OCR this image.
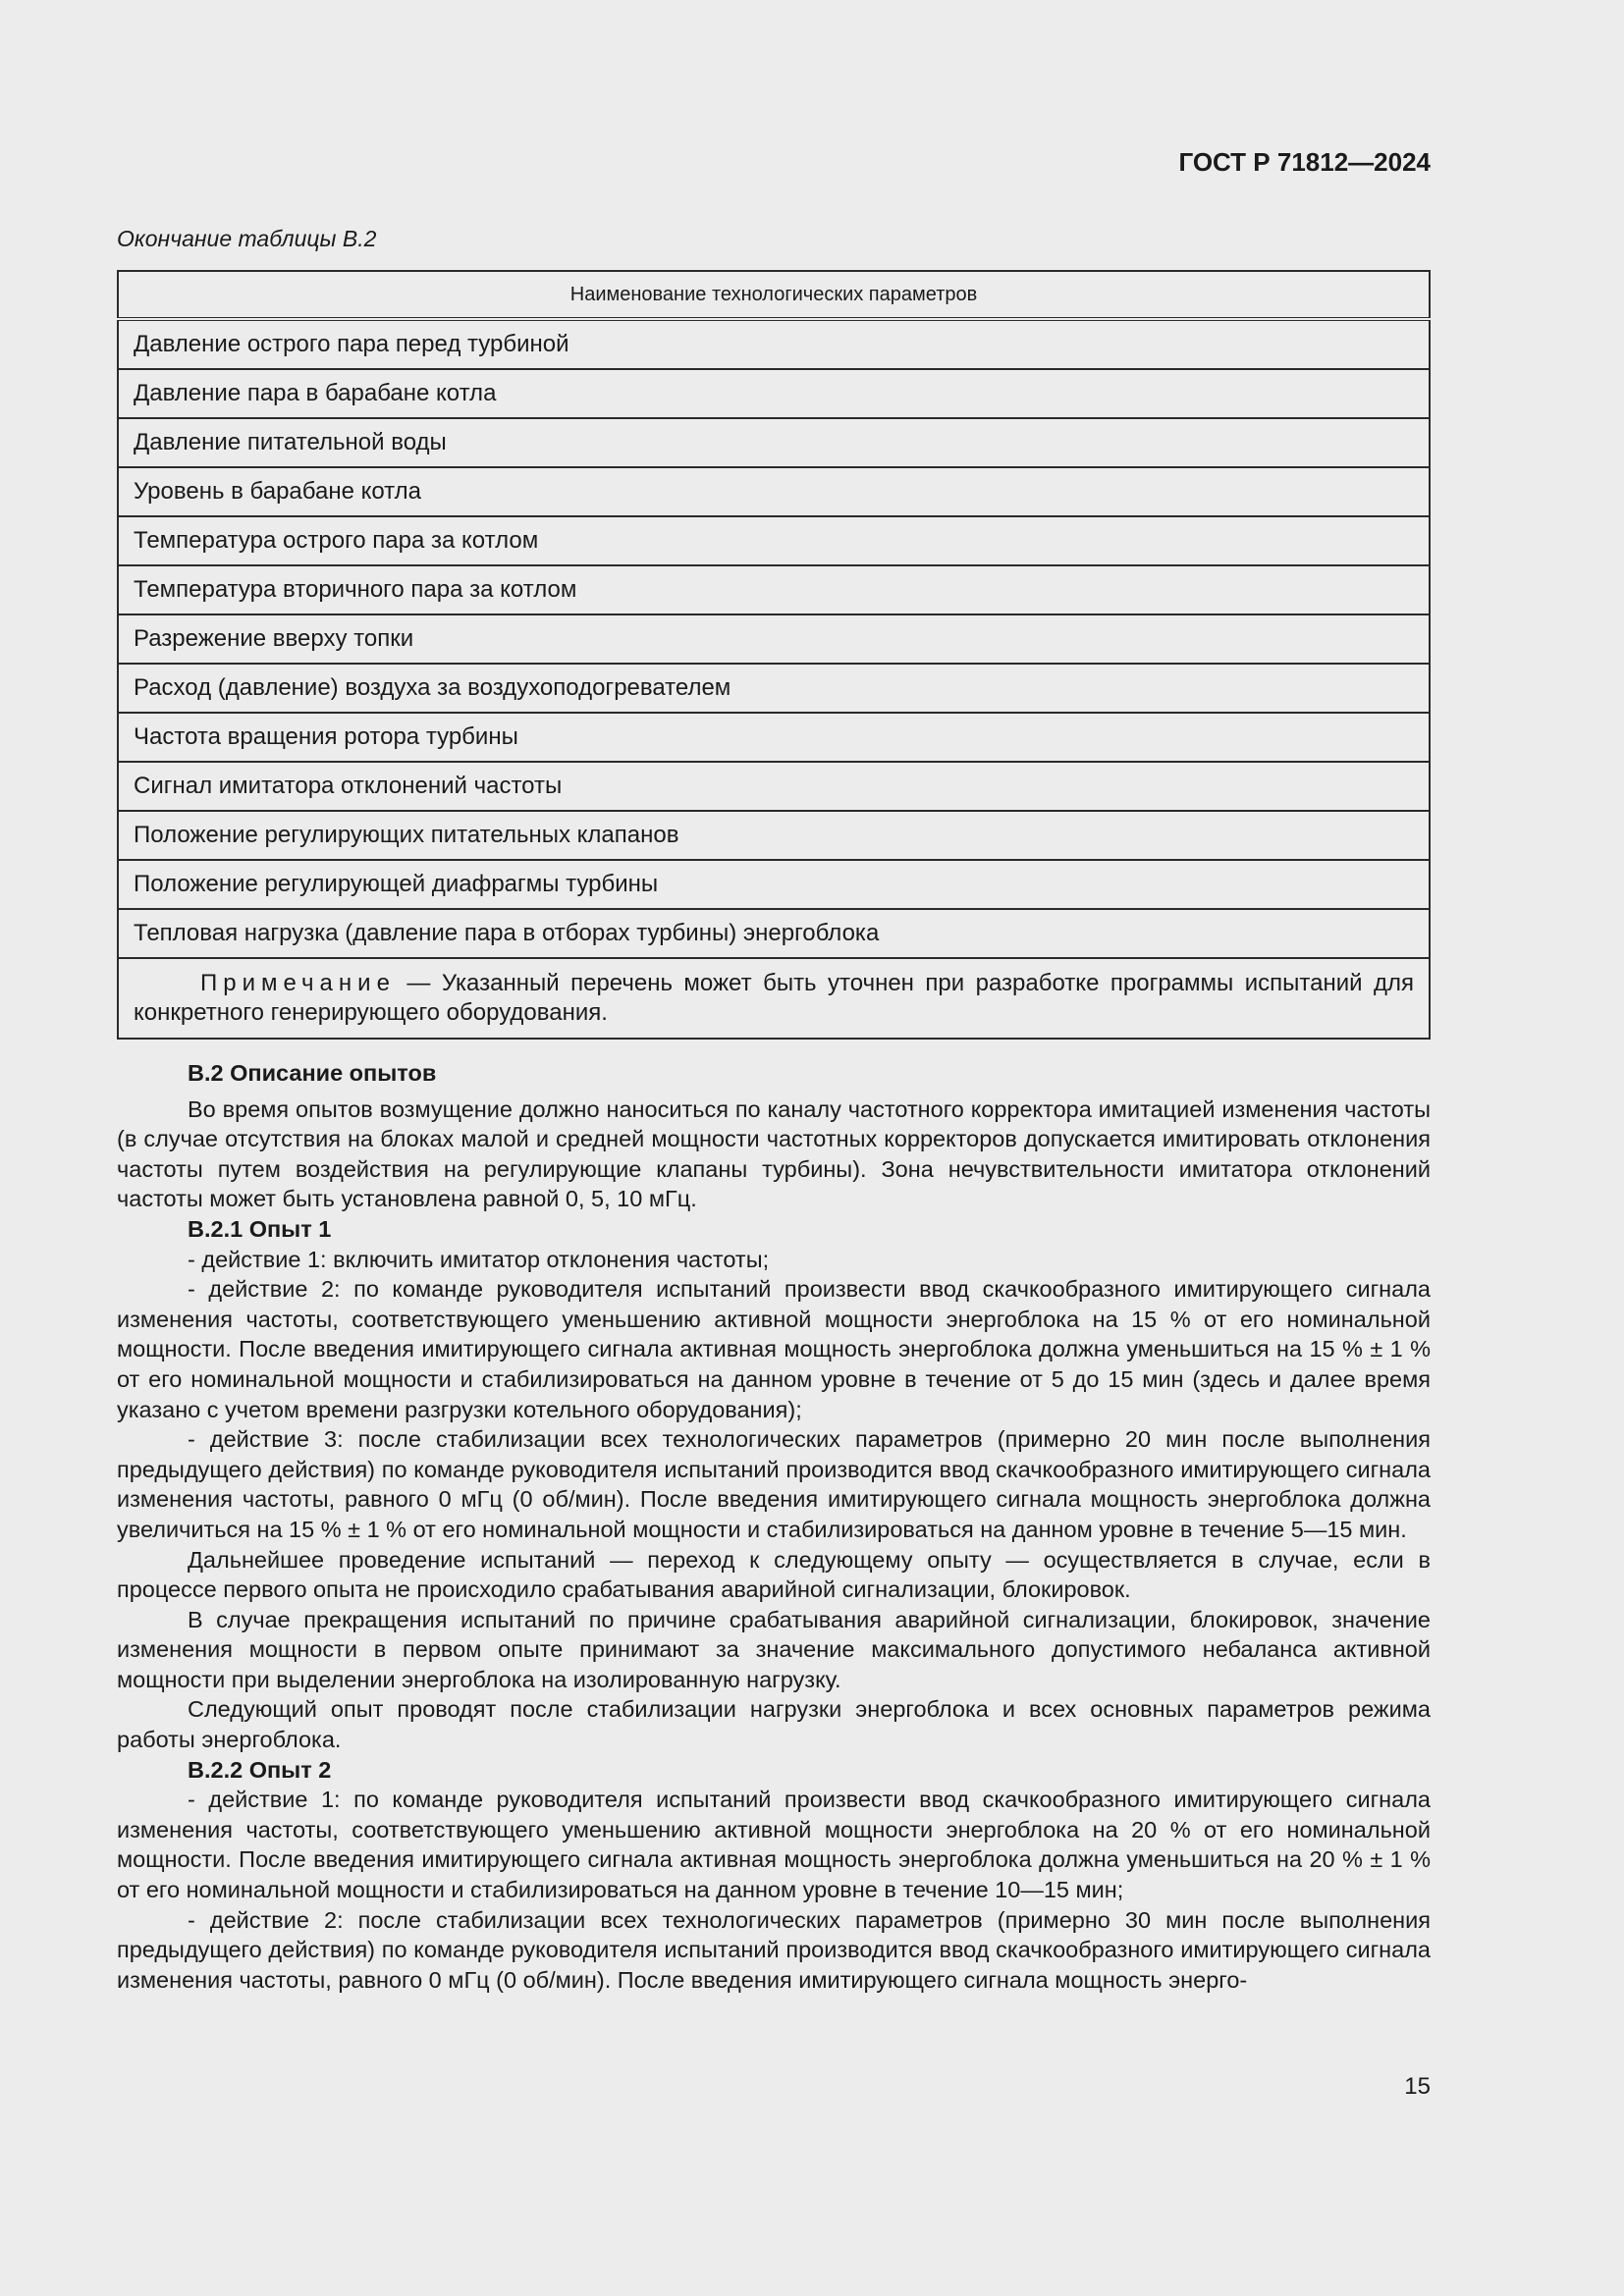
ГОСТ Р 71812—2024
Окончание таблицы В.2
Наименование технологических параметров
Давление острого пара перед турбиной
Давление пара в барабане котла
Давление питательной воды
Уровень в барабане котла
Температура острого пара за котлом
Температура вторичного пара за котлом
Разрежение вверху топки
Расход (давление) воздуха за воздухоподогревателем
Частота вращения ротора турбины
Сигнал имитатора отклонений частоты
Положение регулирующих питательных клапанов
Положение регулирующей диафрагмы турбины
Тепловая нагрузка (давление пара в отборах турбины) энергоблока
Примечание — Указанный перечень может быть уточнен при разработке программы испытаний для конкретного генерирующего оборудования.

В.2 Описание опытов

Во время опытов возмущение должно наноситься по каналу частотного корректора имитацией изменения частоты (в случае отсутствия на блоках малой и средней мощности частотных корректоров допускается имитировать отклонения частоты путем воздействия на регулирующие клапаны турбины). Зона нечувствительности имитатора отклонений частоты может быть установлена равной 0, 5, 10 мГц.

В.2.1 Опыт 1

- действие 1: включить имитатор отклонения частоты;

- действие 2: по команде руководителя испытаний произвести ввод скачкообразного имитирующего сигнала изменения частоты, соответствующего уменьшению активной мощности энергоблока на 15 % от его номинальной мощности. После введения имитирующего сигнала активная мощность энергоблока должна уменьшиться на 15 % ± 1 % от его номинальной мощности и стабилизироваться на данном уровне в течение от 5 до 15 мин (здесь и далее время указано с учетом времени разгрузки котельного оборудования);

- действие 3: после стабилизации всех технологических параметров (примерно 20 мин после выполнения предыдущего действия) по команде руководителя испытаний производится ввод скачкообразного имитирующего сигнала изменения частоты, равного 0 мГц (0 об/мин). После введения имитирующего сигнала мощность энергоблока должна увеличиться на 15 % ± 1 % от его номинальной мощности и стабилизироваться на данном уровне в течение 5—15 мин.

Дальнейшее проведение испытаний — переход к следующему опыту — осуществляется в случае, если в процессе первого опыта не происходило срабатывания аварийной сигнализации, блокировок.

В случае прекращения испытаний по причине срабатывания аварийной сигнализации, блокировок, значение изменения мощности в первом опыте принимают за значение максимального допустимого небаланса активной мощности при выделении энергоблока на изолированную нагрузку.

Следующий опыт проводят после стабилизации нагрузки энергоблока и всех основных параметров режима работы энергоблока.

В.2.2 Опыт 2

- действие 1: по команде руководителя испытаний произвести ввод скачкообразного имитирующего сигнала изменения частоты, соответствующего уменьшению активной мощности энергоблока на 20 % от его номинальной мощности. После введения имитирующего сигнала активная мощность энергоблока должна уменьшиться на 20 % ± 1 % от его номинальной мощности и стабилизироваться на данном уровне в течение 10—15 мин;

- действие 2: после стабилизации всех технологических параметров (примерно 30 мин после выполнения предыдущего действия) по команде руководителя испытаний производится ввод скачкообразного имитирующего сигнала изменения частоты, равного 0 мГц (0 об/мин). После введения имитирующего сигнала мощность энерго-

15
